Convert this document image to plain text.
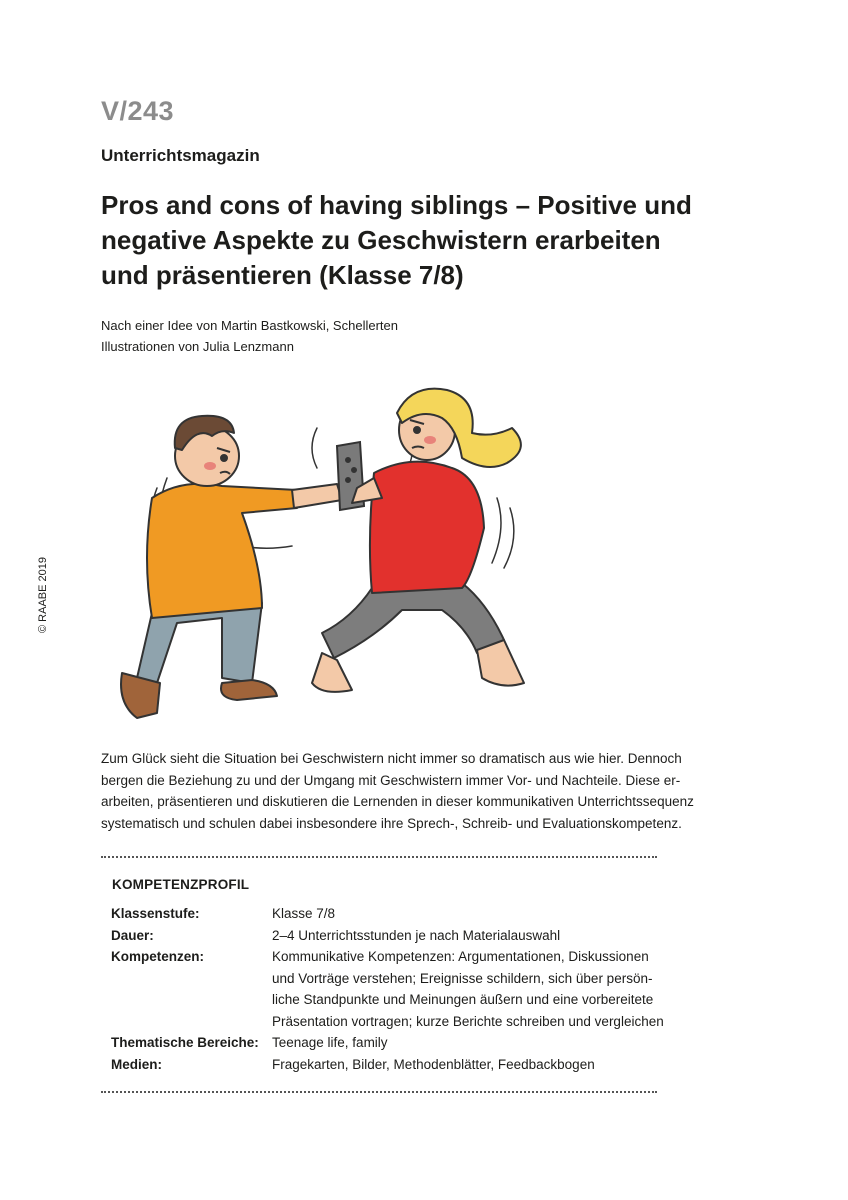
V/243
Unterrichtsmagazin
Pros and cons of having siblings – Positive und
negative Aspekte zu Geschwistern erarbeiten
und präsentieren (Klasse 7/8)
Nach einer Idee von Martin Bastkowski, Schellerten
Illustrationen von Julia Lenzmann
© RAABE 2019
Zum Glück sieht die Situation bei Geschwistern nicht immer so dramatisch aus wie hier. Dennoch
bergen die Beziehung zu und der Umgang mit Geschwistern immer Vor- und Nachteile. Diese er-
arbeiten, präsentieren und diskutieren die Lernenden in dieser kommunikativen Unterrichtssequenz
systematisch und schulen dabei insbesondere ihre Sprech-, Schreib- und Evaluationskompetenz.
KOMPETENZPROFIL
Klassenstufe:	Klasse 7/8
Dauer:	2–4 Unterrichtsstunden je nach Materialauswahl
Kompetenzen:	Kommunikative Kompetenzen: Argumentationen, Diskussionen
und Vorträge verstehen; Ereignisse schildern, sich über persön-
liche Standpunkte und Meinungen äußern und eine vorbereitete
Präsentation vortragen; kurze Berichte schreiben und vergleichen
Thematische Bereiche: Teenage life, family
Medien:	Fragekarten, Bilder, Methodenblätter, Feedbackbogen
